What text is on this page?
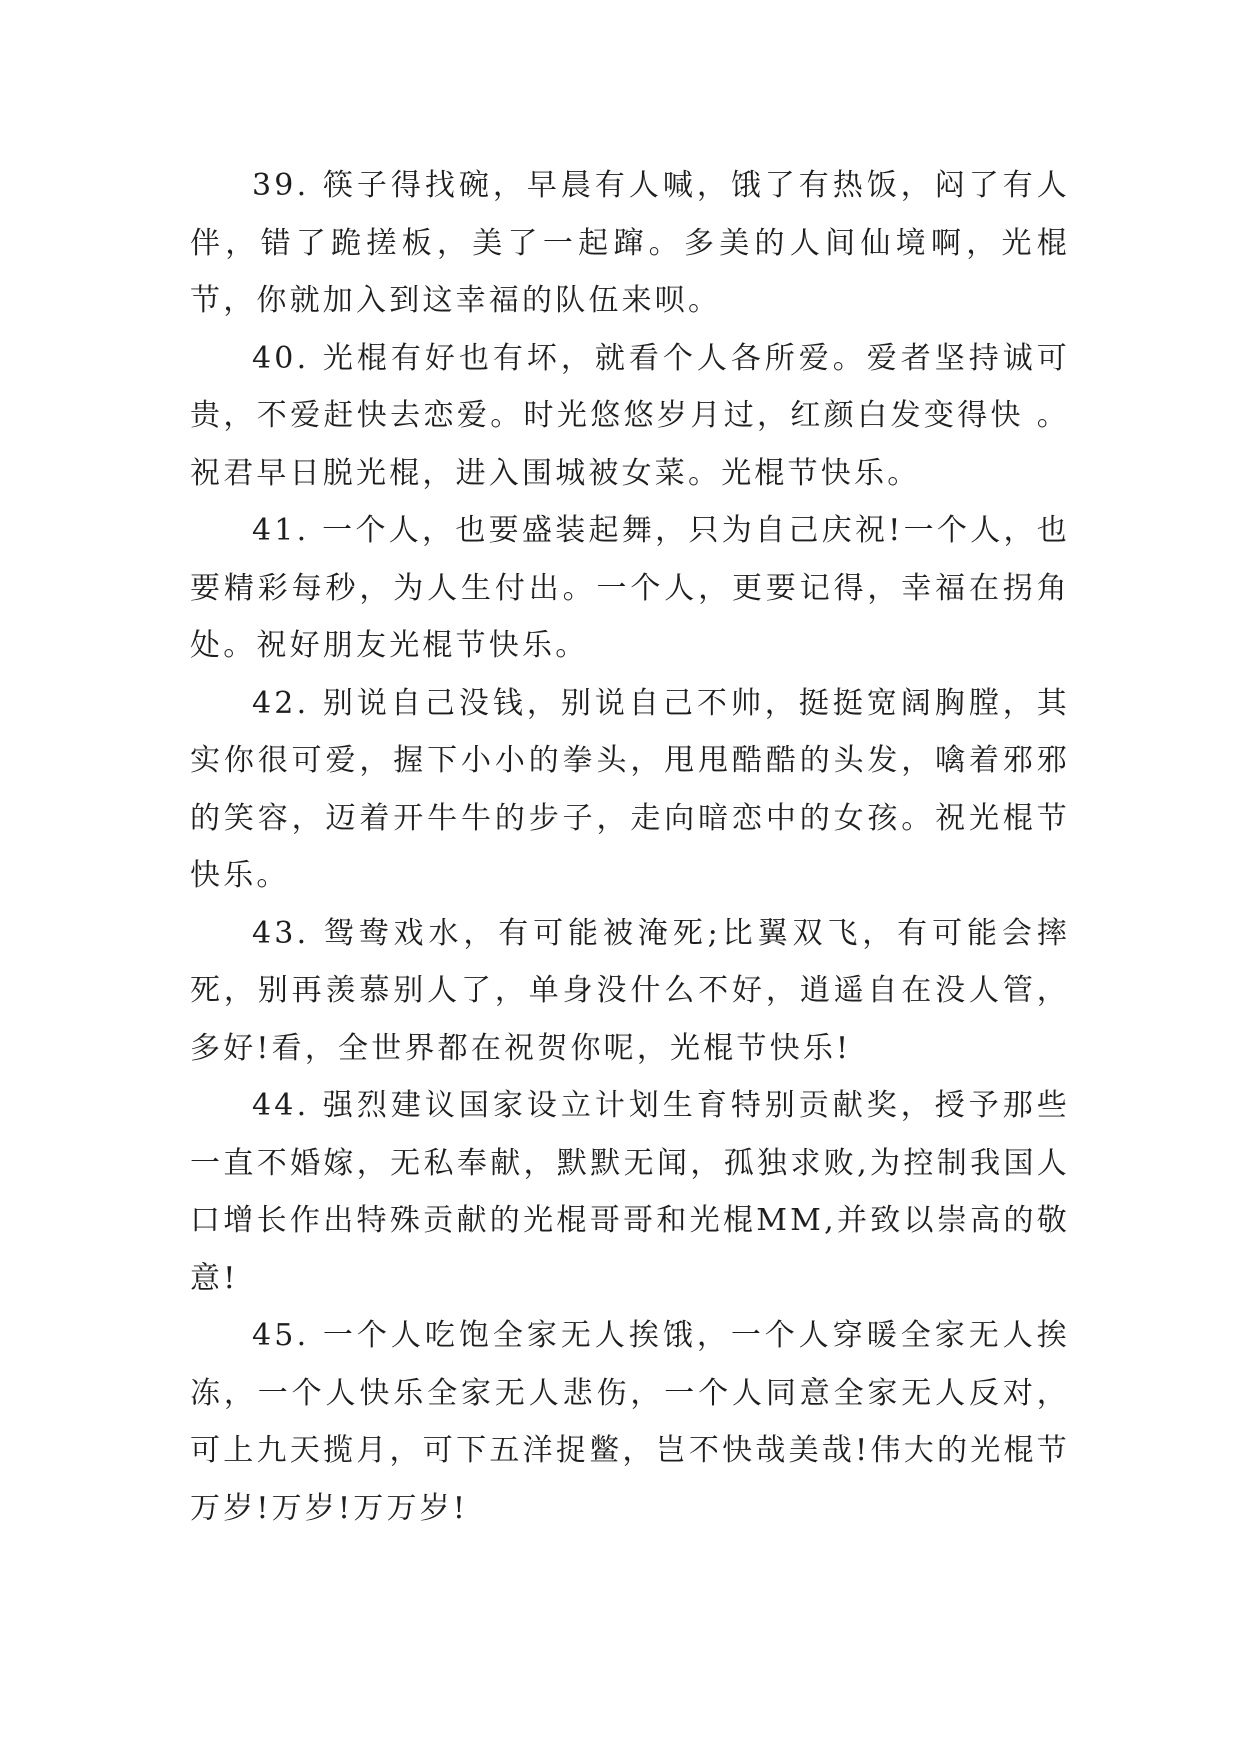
39. 筷子得找碗，早晨有人喊，饿了有热饭，闷了有人伴，错了跪搓板，美了一起蹿。多美的人间仙境啊，光棍节，你就加入到这幸福的队伍来呗。

40. 光棍有好也有坏，就看个人各所爱。爱者坚持诚可贵，不爱赶快去恋爱。时光悠悠岁月过，红颜白发变得快 。祝君早日脱光棍，进入围城被女菜。光棍节快乐。

41. 一个人，也要盛装起舞，只为自己庆祝!一个人，也要精彩每秒，为人生付出。一个人，更要记得，幸福在拐角处。祝好朋友光棍节快乐。

42. 别说自己没钱，别说自己不帅，挺挺宽阔胸膛，其实你很可爱，握下小小的拳头，甩甩酷酷的头发，噙着邪邪的笑容，迈着开牛牛的步子，走向暗恋中的女孩。祝光棍节快乐。

43. 鸳鸯戏水，有可能被淹死;比翼双飞，有可能会摔死，别再羡慕别人了，单身没什么不好，逍遥自在没人管，多好!看，全世界都在祝贺你呢，光棍节快乐!

44. 强烈建议国家设立计划生育特别贡献奖，授予那些一直不婚嫁，无私奉献，默默无闻，孤独求败,为控制我国人口增长作出特殊贡献的光棍哥哥和光棍MM,并致以崇高的敬意!

45. 一个人吃饱全家无人挨饿，一个人穿暖全家无人挨冻，一个人快乐全家无人悲伤，一个人同意全家无人反对，可上九天揽月，可下五洋捉鳖，岂不快哉美哉!伟大的光棍节万岁!万岁!万万岁!
